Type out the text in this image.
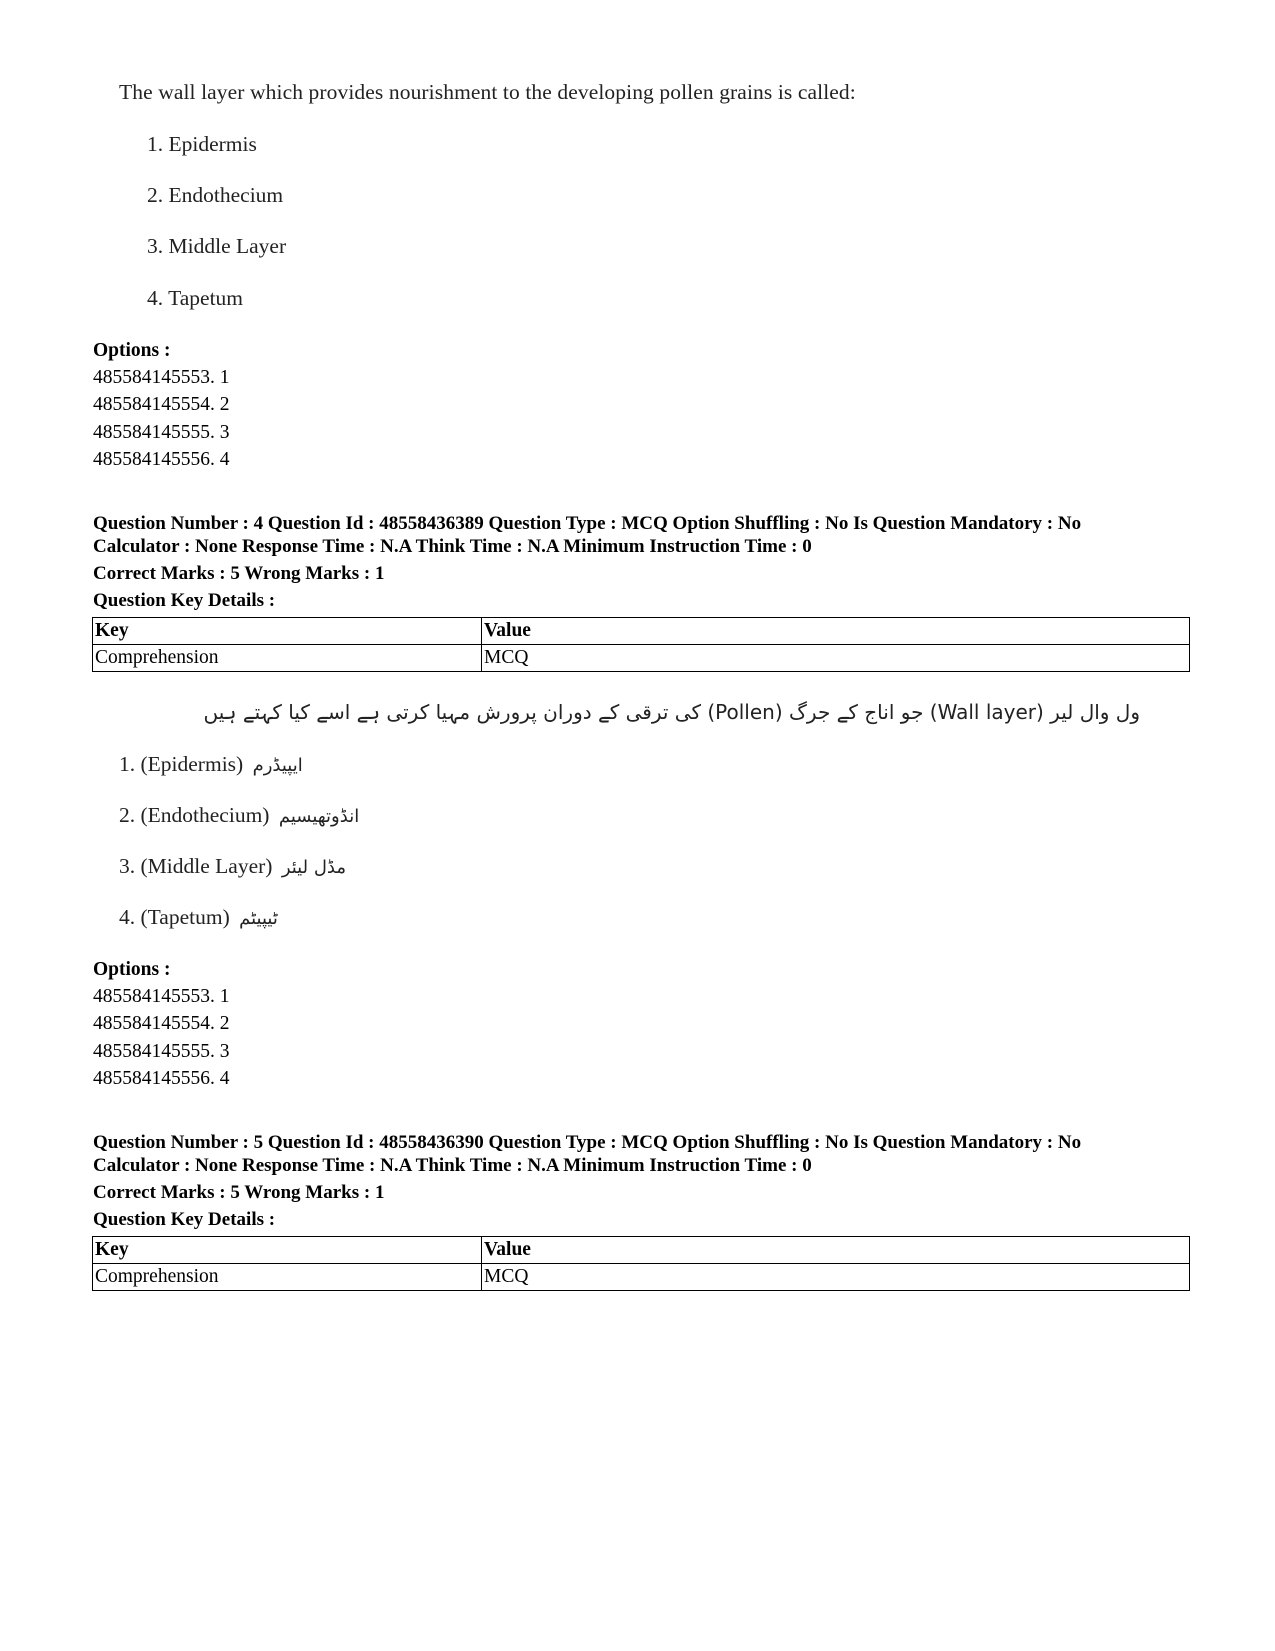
The wall layer which provides nourishment to the developing pollen grains is called:
1. Epidermis
2. Endothecium
3. Middle Layer
4. Tapetum
Options :
485584145553. 1
485584145554. 2
485584145555. 3
485584145556. 4
Question Number : 4 Question Id : 48558436389 Question Type : MCQ Option Shuffling : No Is Question Mandatory : No
Calculator : None Response Time : N.A Think Time : N.A Minimum Instruction Time : 0
Correct Marks : 5 Wrong Marks : 1
Question Key Details :
Key	Value
Comprehension	MCQ
ول وال لیر (Wall layer) جو اناج کے جرگ (Pollen) کی ترقی کے دوران پرورش مہیا کرتی ہے اسے کیا کہتے ہیں
1. (Epidermis) ایپیڈرم
2. (Endothecium) انڈوتھیسیم
3. (Middle Layer) مڈل لیئر
4. (Tapetum) ٹیپیٹم
Options :
485584145553. 1
485584145554. 2
485584145555. 3
485584145556. 4
Question Number : 5 Question Id : 48558436390 Question Type : MCQ Option Shuffling : No Is Question Mandatory : No
Calculator : None Response Time : N.A Think Time : N.A Minimum Instruction Time : 0
Correct Marks : 5 Wrong Marks : 1
Question Key Details :
Key	Value
Comprehension	MCQ
